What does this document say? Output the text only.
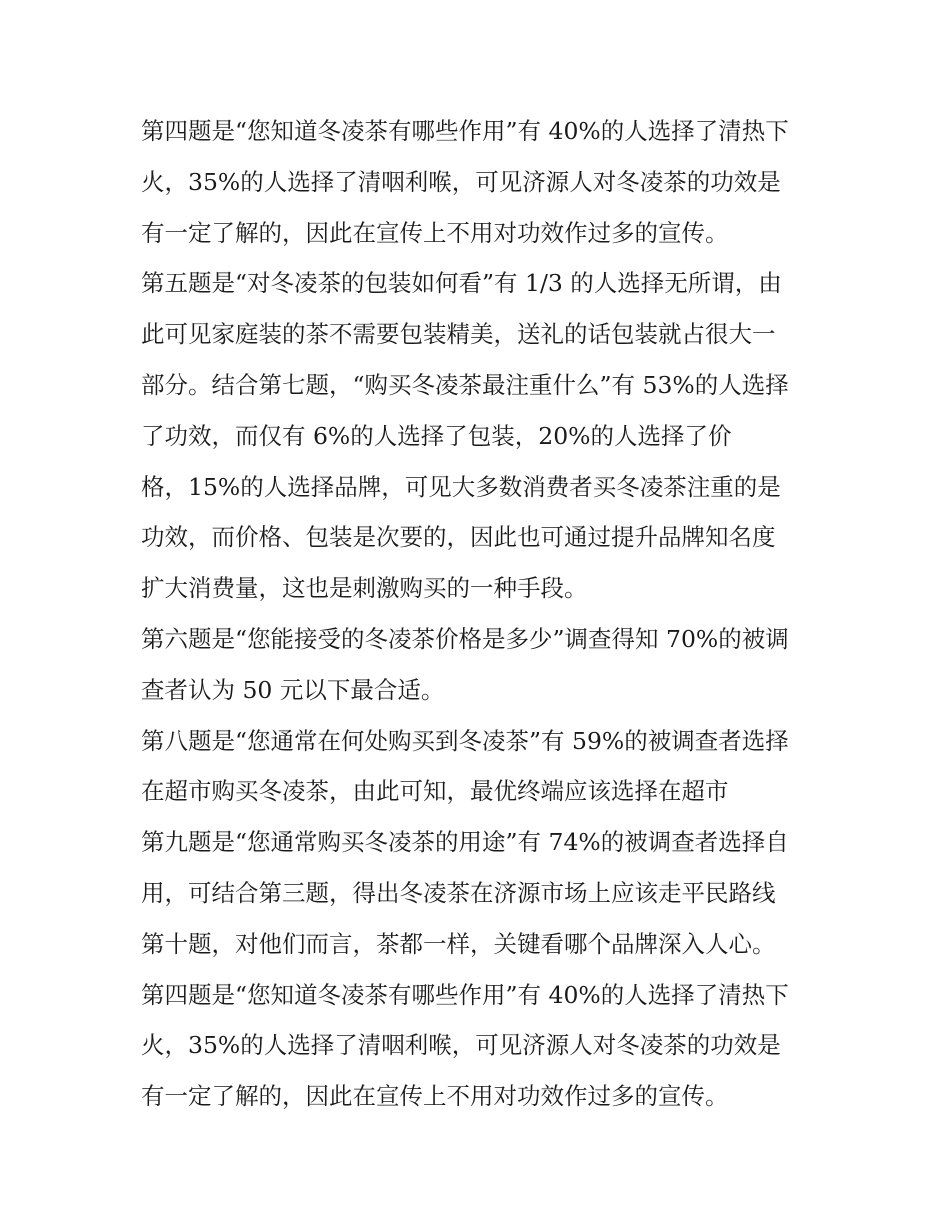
第四题是“您知道冬凌茶有哪些作用”有 40%的人选择了清热下
火，35%的人选择了清咽利喉，可见济源人对冬凌茶的功效是
有一定了解的，因此在宣传上不用对功效作过多的宣传。
第五题是“对冬凌茶的包装如何看”有 1/3 的人选择无所谓，由
此可见家庭装的茶不需要包装精美，送礼的话包装就占很大一
部分。结合第七题，“购买冬凌茶最注重什么”有 53%的人选择
了功效，而仅有 6%的人选择了包装，20%的人选择了价
格，15%的人选择品牌，可见大多数消费者买冬凌茶注重的是
功效，而价格、包装是次要的，因此也可通过提升品牌知名度
扩大消费量，这也是刺激购买的一种手段。
第六题是“您能接受的冬凌茶价格是多少”调查得知 70%的被调
查者认为 50 元以下最合适。
第八题是“您通常在何处购买到冬凌茶”有 59%的被调查者选择
在超市购买冬凌茶，由此可知，最优终端应该选择在超市
第九题是“您通常购买冬凌茶的用途”有 74%的被调查者选择自
用，可结合第三题，得出冬凌茶在济源市场上应该走平民路线
第十题，对他们而言，茶都一样，关键看哪个品牌深入人心。
第四题是“您知道冬凌茶有哪些作用”有 40%的人选择了清热下
火，35%的人选择了清咽利喉，可见济源人对冬凌茶的功效是
有一定了解的，因此在宣传上不用对功效作过多的宣传。
